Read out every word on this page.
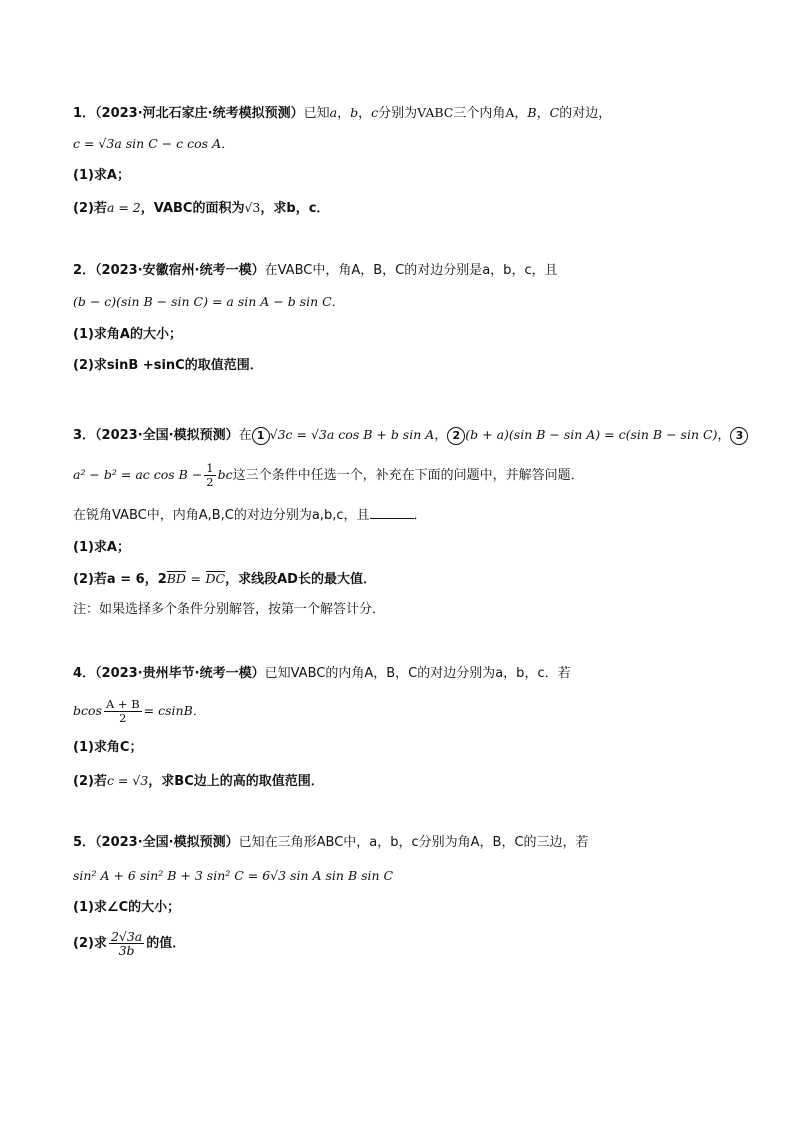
1．（2023·河北石家庄·统考模拟预测）已知a，b，c分别为VABC三个内角A，B，C的对边，
c = √3a sin C − c cos A．
(1)求A；
(2)若a = 2，VABC的面积为√3，求b，c．
2．（2023·安徽宿州·统考一模）在VABC中，角A，B，C的对边分别是a，b，c，且
(b − c)(sin B − sin C) = a sin A − b sin C．
(1)求角A的大小；
(2)求sinB +sinC的取值范围．
3．（2023·全国·模拟预测）在 1 √3c = √3a cos B + b sin A， 2 (b + a)(sin B − sin A) = c(sin B − sin C)， 3
a² − b² = ac $\cos B - \frac{1}{2}$ bc这三个条件中任选一个，补充在下面的问题中，并解答问题．
在锐角VABC中，内角A,B,C的对边分别为a,b,c，且	．
(1)求A；
(2)若a = 6，2BD = DC，求线段AD长的最大值．
注：如果选择多个条件分别解答，按第一个解答计分．
4．（2023·贵州毕节·统考一模）已知VABC的内角A，B，C的对边分别为a，b，c．若
bcos $\frac{A + B}{2} = csinB$．
(1)求角C；
(2)若c = √3，求BC边上的高的取值范围．
5．（2023·全国·模拟预测）已知在三角形ABC中，a，b，c分别为角A，B，C的三边，若
sin² A + 6 sin² B + 3 sin² C = 6√3 sin A sin B sin C
(1)求∠C的大小；
(2)求 $\frac{2√3a}{3b}$ 的值．
